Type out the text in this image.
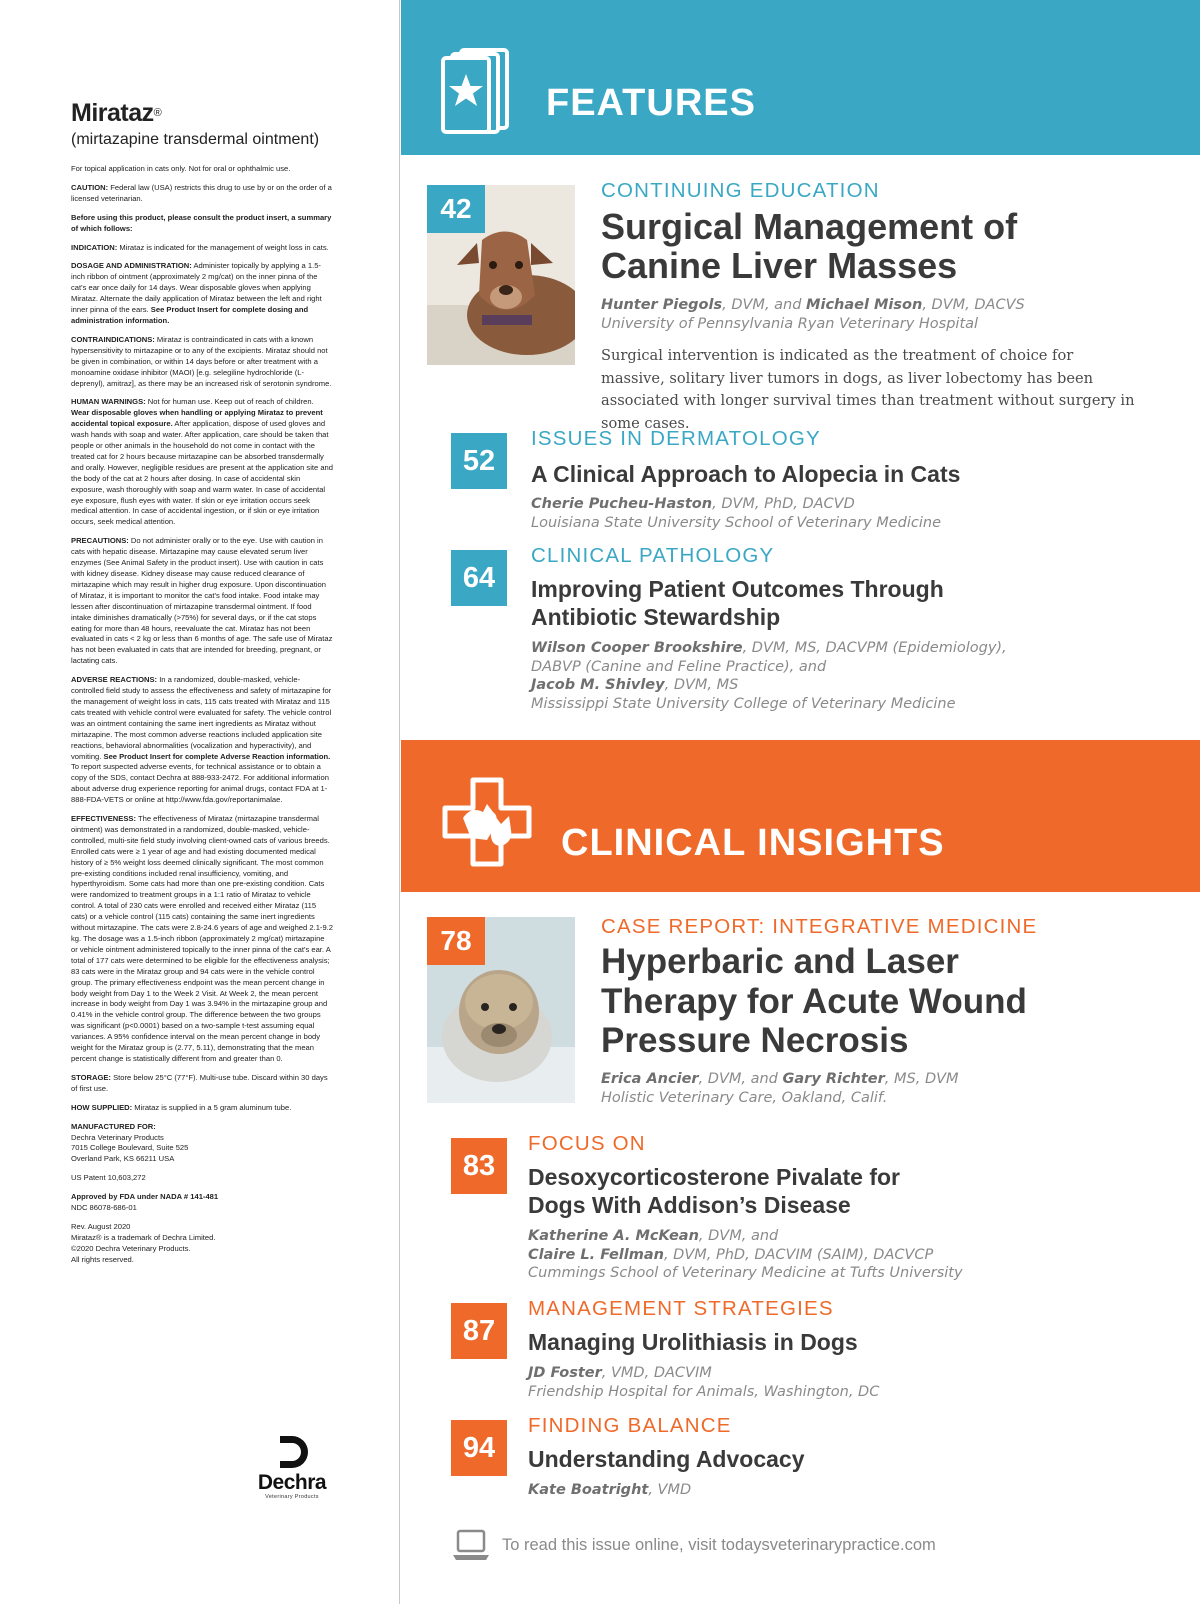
Mirataz®
(mirtazapine transdermal ointment)
For topical application in cats only. Not for oral or ophthalmic use.
CAUTION: Federal law (USA) restricts this drug to use by or on the order of a licensed veterinarian.
Before using this product, please consult the product insert, a summary of which follows:
INDICATION: Mirataz is indicated for the management of weight loss in cats.
DOSAGE AND ADMINISTRATION: Administer topically by applying a 1.5-inch ribbon of ointment (approximately 2 mg/cat) on the inner pinna of the cat's ear once daily for 14 days. Wear disposable gloves when applying Mirataz. Alternate the daily application of Mirataz between the left and right inner pinna of the ears. See Product Insert for complete dosing and administration information.
CONTRAINDICATIONS: Mirataz is contraindicated in cats with a known hypersensitivity to mirtazapine or to any of the excipients. Mirataz should not be given in combination, or within 14 days before or after treatment with a monoamine oxidase inhibitor (MAOI) [e.g. selegiline hydrochloride (L-deprenyl), amitraz], as there may be an increased risk of serotonin syndrome.
HUMAN WARNINGS: Not for human use. Keep out of reach of children. Wear disposable gloves when handling or applying Mirataz to prevent accidental topical exposure. After application, dispose of used gloves and wash hands with soap and water. After application, care should be taken that people or other animals in the household do not come in contact with the treated cat for 2 hours because mirtazapine can be absorbed transdermally and orally. However, negligible residues are present at the application site and the body of the cat at 2 hours after dosing. In case of accidental skin exposure, wash thoroughly with soap and warm water. In case of accidental eye exposure, flush eyes with water. If skin or eye irritation occurs seek medical attention. In case of accidental ingestion, or if skin or eye irritation occurs, seek medical attention.
PRECAUTIONS: Do not administer orally or to the eye. Use with caution in cats with hepatic disease. Mirtazapine may cause elevated serum liver enzymes (See Animal Safety in the product insert). Use with caution in cats with kidney disease. Kidney disease may cause reduced clearance of mirtazapine which may result in higher drug exposure. Upon discontinuation of Mirataz, it is important to monitor the cat's food intake. Food intake may lessen after discontinuation of mirtazapine transdermal ointment. If food intake diminishes dramatically (>75%) for several days, or if the cat stops eating for more than 48 hours, reevaluate the cat. Mirataz has not been evaluated in cats < 2 kg or less than 6 months of age. The safe use of Mirataz has not been evaluated in cats that are intended for breeding, pregnant, or lactating cats.
ADVERSE REACTIONS: In a randomized, double-masked, vehicle-controlled field study to assess the effectiveness and safety of mirtazapine for the management of weight loss in cats, 115 cats treated with Mirataz and 115 cats treated with vehicle control were evaluated for safety. The vehicle control was an ointment containing the same inert ingredients as Mirataz without mirtazapine. The most common adverse reactions included application site reactions, behavioral abnormalities (vocalization and hyperactivity), and vomiting. See Product Insert for complete Adverse Reaction information. To report suspected adverse events, for technical assistance or to obtain a copy of the SDS, contact Dechra at 888-933-2472. For additional information about adverse drug experience reporting for animal drugs, contact FDA at 1-888-FDA-VETS or online at http://www.fda.gov/reportanimalae.
EFFECTIVENESS: The effectiveness of Mirataz (mirtazapine transdermal ointment) was demonstrated in a randomized, double-masked, vehicle-controlled, multi-site field study involving client-owned cats of various breeds. Enrolled cats were ≥ 1 year of age and had existing documented medical history of ≥ 5% weight loss deemed clinically significant. The most common pre-existing conditions included renal insufficiency, vomiting, and hyperthyroidism. Some cats had more than one pre-existing condition. Cats were randomized to treatment groups in a 1:1 ratio of Mirataz to vehicle control. A total of 230 cats were enrolled and received either Mirataz (115 cats) or a vehicle control (115 cats) containing the same inert ingredients without mirtazapine. The cats were 2.8-24.6 years of age and weighed 2.1-9.2 kg. The dosage was a 1.5-inch ribbon (approximately 2 mg/cat) mirtazapine or vehicle ointment administered topically to the inner pinna of the cat's ear. A total of 177 cats were determined to be eligible for the effectiveness analysis; 83 cats were in the Mirataz group and 94 cats were in the vehicle control group. The primary effectiveness endpoint was the mean percent change in body weight from Day 1 to the Week 2 Visit. At Week 2, the mean percent increase in body weight from Day 1 was 3.94% in the mirtazapine group and 0.41% in the vehicle control group. The difference between the two groups was significant (p<0.0001) based on a two-sample t-test assuming equal variances. A 95% confidence interval on the mean percent change in body weight for the Mirataz group is (2.77, 5.11), demonstrating that the mean percent change is statistically different from and greater than 0.
STORAGE: Store below 25°C (77°F). Multi-use tube. Discard within 30 days of first use.
HOW SUPPLIED: Mirataz is supplied in a 5 gram aluminum tube.
MANUFACTURED FOR:
Dechra Veterinary Products
7015 College Boulevard, Suite 525
Overland Park, KS 66211 USA
US Patent 10,603,272
Approved by FDA under NADA # 141-481
NDC 86078-686-01
Rev. August 2020
Mirataz® is a trademark of Dechra Limited.
©2020 Dechra Veterinary Products.
All rights reserved.
Dechra
Veterinary Products
FEATURES
42
CONTINUING EDUCATION
Surgical Management of
Canine Liver Masses
Hunter Piegols, DVM, and Michael Mison, DVM, DACVS
University of Pennsylvania Ryan Veterinary Hospital
Surgical intervention is indicated as the treatment of choice for massive, solitary liver tumors in dogs, as liver lobectomy has been associated with longer survival times than treatment without surgery in some cases.
52
ISSUES IN DERMATOLOGY
A Clinical Approach to Alopecia in Cats
Cherie Pucheu-Haston, DVM, PhD, DACVD
Louisiana State University School of Veterinary Medicine
64
CLINICAL PATHOLOGY
Improving Patient Outcomes Through
Antibiotic Stewardship
Wilson Cooper Brookshire, DVM, MS, DACVPM (Epidemiology),
DABVP (Canine and Feline Practice), and
Jacob M. Shivley, DVM, MS
Mississippi State University College of Veterinary Medicine
CLINICAL INSIGHTS
78	CASE REPORT: INTEGRATIVE MEDICINE
Hyperbaric and Laser
Therapy for Acute Wound
Pressure Necrosis
Erica Ancier, DVM, and Gary Richter, MS, DVM
Holistic Veterinary Care, Oakland, Calif.
83
FOCUS ON
Desoxycorticosterone Pivalate for
Dogs With Addison’s Disease
Katherine A. McKean, DVM, and
Claire L. Fellman, DVM, PhD, DACVIM (SAIM), DACVCP
Cummings School of Veterinary Medicine at Tufts University
87
MANAGEMENT STRATEGIES
Managing Urolithiasis in Dogs
JD Foster, VMD, DACVIM
Friendship Hospital for Animals, Washington, DC
94
FINDING BALANCE
Understanding Advocacy
Kate Boatright, VMD
To read this issue online, visit todaysveterinarypractice.com
